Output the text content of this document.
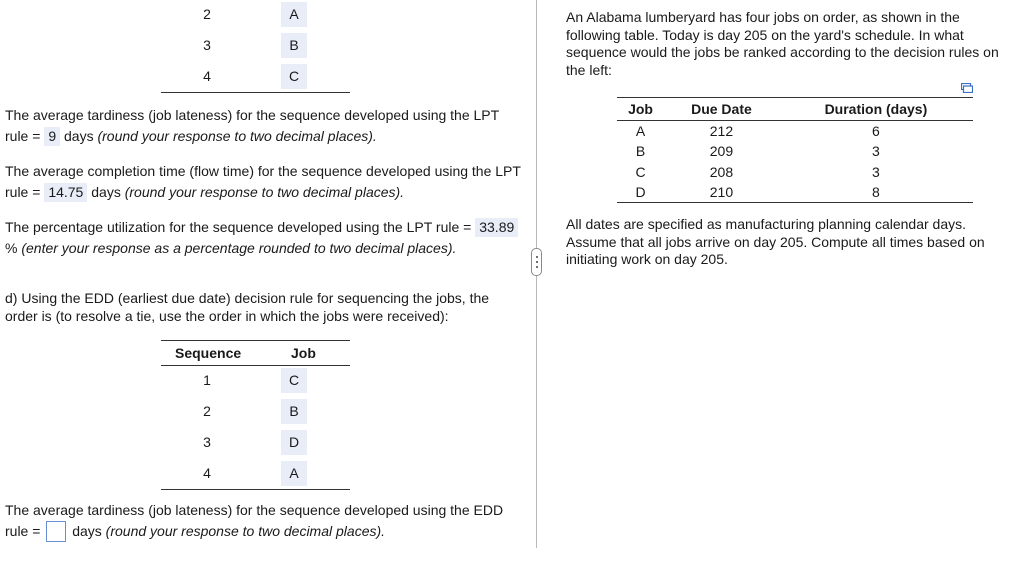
2	A
3	B
4	C
The average tardiness (job lateness) for the sequence developed using the LPT rule = 9 days (round your response to two decimal places).
The average completion time (flow time) for the sequence developed using the LPT rule = 14.75 days (round your response to two decimal places).
The percentage utilization for the sequence developed using the LPT rule = 33.89 % (enter your response as a percentage rounded to two decimal places).
d) Using the EDD (earliest due date) decision rule for sequencing the jobs, the order is (to resolve a tie, use the order in which the jobs were received):
Sequence	Job
1	C
2	B
3	D
4	A
The average tardiness (job lateness) for the sequence developed using the EDD rule = days (round your response to two decimal places).
An Alabama lumberyard has four jobs on order, as shown in the following table. Today is day 205 on the yard's schedule. In what sequence would the jobs be ranked according to the decision rules on the left:
Job	Due Date	Duration (days)
A	212	6
B	209	3
C	208	3
D	210	8
All dates are specified as manufacturing planning calendar days. Assume that all jobs arrive on day 205. Compute all times based on initiating work on day 205.
